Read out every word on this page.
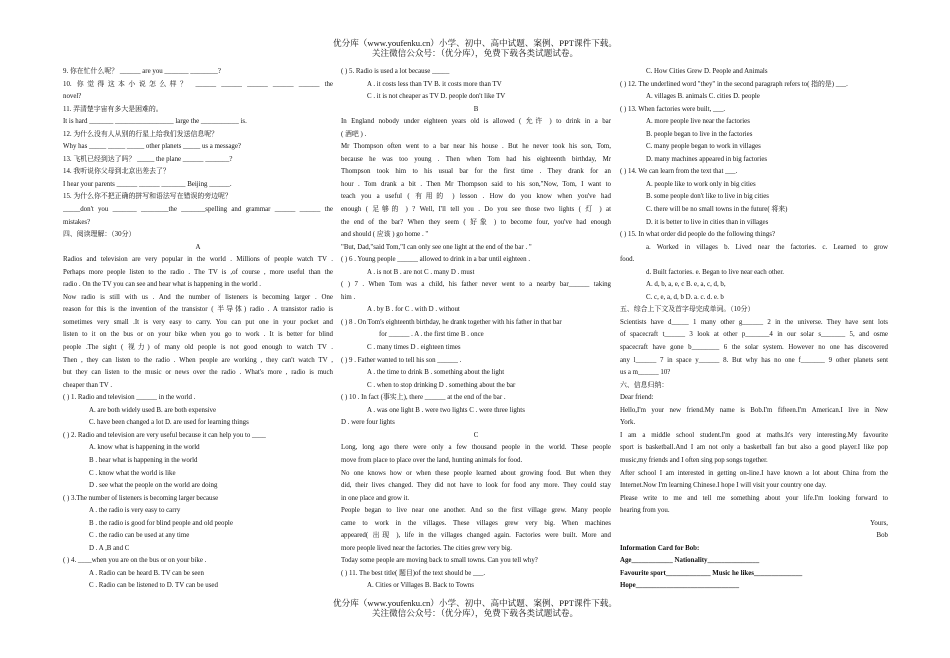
优分库（www.youfenku.cn）小学、初中、高中试题、案例、PPT课件下载。
关注微信公众号：（优分库），免费下载各类试题试卷。
9. 你在忙什么呢？ ______ are you _______ ________?
10. 你觉得这本小说怎么样？ ______ ______ ______ ______ ______ the
novel?
11. 弄清楚宇宙有多大是困难的。
It is hard _______ _________________ large the ___________ is.
12. 为什么没有人从别的行星上给我们发送信息呢？
Why has _____ _____ _____ other planets _____ us a message?
13. 飞机已经到达了吗？ _____ the plane ______ _______?
14. 我听说你父母到北京出差去了？
I hear your parents ______ ______ _______ Beijing ______.
15. 为什么你不把正确的拼写和语法写在错误的旁边呢？
_____don't you _______ ________the _______spelling and grammar ______ ______ the
mistakes?
四、阅读理解：（30分）
A
Radios and television are very popular in the world . Millions of people watch TV .
Perhaps more people listen to the radio . The TV is ,of course , more useful than the
radio . On the TV you can see and hear what is happening in the world .
Now radio is still with us . And the number of listeners is becoming larger . One
reason for this is the invention of the transistor ( 半导体) radio . A transistor radio is
sometimes very small .It is very easy to carry. You can put one in your pocket and
listen to it on the bus or on your bike when you go to work . It is better for blind
people .The sight ( 视力) of many old people is not good enough to watch TV .
Then , they can listen to the radio . When people are working , they can't watch TV ,
but they can listen to the music or news over the radio . What's more , radio is much
cheaper than TV .
( ) 1. Radio and television ______ in the world .
A. are both widely used B. are both expensive
C. have been changed a lot D. are used for learning things
( ) 2. Radio and television are very useful because it can help you to ____
A. know what is happening in the world
B . hear what is happening in the world
C . know what the world is like
D . see what the people on the world are doing
( ) 3.The number of listeners is becoming larger because
A . the radio is very easy to carry
B . the radio is good for blind people and old people
C . the radio can be used at any time
D . A ,B and C
( ) 4. ____when you are on the bus or on your bike .
A . Radio can be heard B. TV can be seen
C . Radio can be listened to D. TV can be used
( ) 5. Radio is used a lot because _____
A . it costs less than TV B. it costs more than TV
C . it is not cheaper as TV D. people don't like TV
B
In England nobody under eighteen years old is allowed ( 允许 ) to drink in a bar
( 酒吧 ) .
Mr Thompson often went to a bar near his house . But he never took his son, Tom,
because he was too young . Then when Tom had his eighteenth birthday, Mr
Thompson took him to his usual bar for the first time . They drank for an
hour . Tom drank a bit . Then Mr Thompson said to his son,"Now, Tom, I want to
teach you a useful ( 有用的 ) lesson . How do you know when you've had
enough ( 足够的 ) ? Well, I'll tell you . Do you see those two lights ( 灯 ) at
the end of the bar? When they seem ( 好象 ) to become four, you've had enough
and should ( 应该 ) go home . "
"But, Dad,"said Tom,"I can only see one light at the end of the bar . "
( ) 6 . Young people ______ allowed to drink in a bar until eighteen .
A . is not B . are not C . many D . must
( ) 7 . When Tom was a child, his father never went to a nearby bar______ taking
him .
A . by B . for C . with D . without
( ) 8 . On Tom's eighteenth birthday, he drank together with his father in that bar
for ______ . A . the first time B . once
C . many times D . eighteen times
( ) 9 . Father wanted to tell his son ______ .
A . the time to drink B . something about the light
C . when to stop drinking D . something about the bar
( ) 10 . In fact (事实上), there ______ at the end of the bar .
A . was one light B . were two lights C . were three lights
D . were four lights
C
Long, long ago there were only a few thousand people in the world. These people
move from place to place over the land, hunting animals for food.
No one knows how or when these people learned about growing food. But when they
did, their lives changed. They did not have to look for food any more. They could stay
in one place and grow it.
People began to live near one another. And so the first village grew. Many people
came to work in the villages. These villages grew very big. When machines
appeared( 出现 ), life in the villages changed again. Factories were built. More and
more people lived near the factories. The cities grew very big.
Today some people are moving back to small towns. Can you tell why?
( ) 11. The best title( 题目)of the text should be ___.
A. Cities or Villages B. Back to Towns
C. How Cities Grew D. People and Animals
( ) 12. The underlined word "they" in the second paragraph refers to( 指的是) ___.
A. villages B. animals C. cities D. people
( ) 13. When factories were built, ___.
A. more people live near the factories
B. people began to live in the factories
C. many people began to work in villages
D. many machines appeared in big factories
( ) 14. We can learn from the text that ___.
A. people like to work only in big cities
B. some people don't like to live in big cities
C. there will be no small towns in the future( 将来)
D. it is better to live in cities than in villages
( ) 15. In what order did people do the following things?
a. Worked in villages b. Lived near the factories. c. Learned to grow
food.
d. Built factories. e. Began to live near each other.
A. d, b, a, e, c B. e, a, c, d, b,
C. c, e, a, d, b D. a. c. d. e. b
五、综合上下文及首字母完成单词。（10分）
Scientists have d_____ 1 many other g______ 2 in the universe. They have sent lots
of spacecraft t______ 3 look at other p_______4 in our solar s_______ 5, and osme
spacecraft have gone b________ 6 the solar system. However no one has discovered
any l______ 7 in space y______ 8. But why has no one f_______ 9 other planets sent
us a m______ 10?
六、信息归纳：
Dear friend:
Hello,I'm your new friend.My name is Bob.I'm fifteen.I'm American.I live in New
York.
I am a middle school student.I'm good at maths.It's very interesting.My favourite
sport is basketball.And I am not only a basketball fan but also a good player.I like pop
music,my friends and I often sing pop songs together.
After school I am interested in getting on-line.I have known a lot about China from the
Internet.Now I'm learning Chinese.I hope I will visit your country one day.
Please write to me and tell me something about your life.I'm looking forward to
hearing from you.
Yours,
Bob
Information Card for Bob:
Age____________ Nationality_______________
Favourite sport_____________ Music he likes______________
Hope______________________________
优分库（www.youfenku.cn）小学、初中、高中试题、案例、PPT课件下载。
关注微信公众号：（优分库），免费下载各类试题试卷。
